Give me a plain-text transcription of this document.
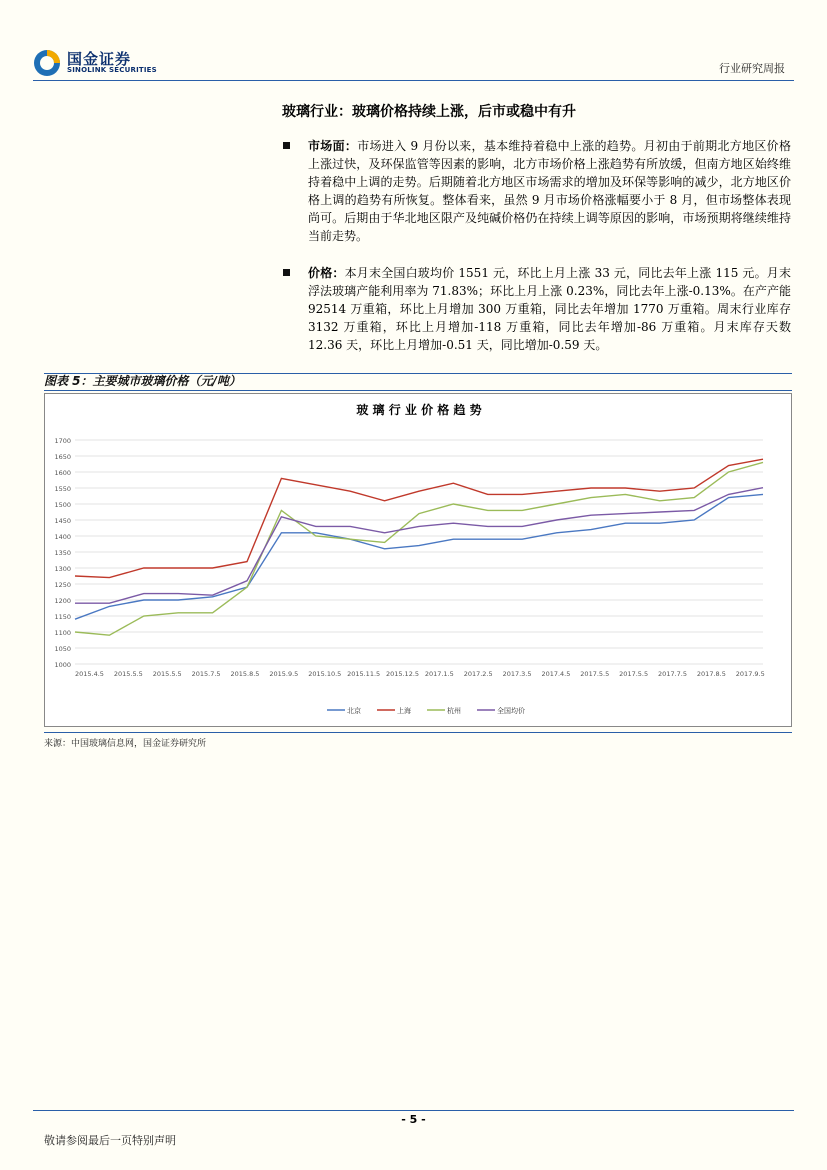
国金证券
SINOLINK SECURITIES	行业研究周报
玻璃行业：玻璃价格持续上涨，后市或稳中有升
市场面：市场进入 9 月份以来，基本维持着稳中上涨的趋势。月初由于前期北方地区价格上涨过快，及环保监管等因素的影响，北方市场价格上涨趋势有所放缓，但南方地区始终维持着稳中上调的走势。后期随着北方地区市场需求的增加及环保等影响的减少，北方地区价格上调的趋势有所恢复。整体看来，虽然 9 月市场价格涨幅要小于 8 月，但市场整体表现尚可。后期由于华北地区限产及纯碱价格仍在持续上调等原因的影响，市场预期将继续维持当前走势。
价格：本月末全国白玻均价 1551 元，环比上月上涨 33 元，同比去年上涨 115 元。月末浮法玻璃产能利用率为 71.83%；环比上月上涨 0.23%，同比去年上涨-0.13%。在产产能 92514 万重箱，环比上月增加 300 万重箱，同比去年增加 1770 万重箱。周末行业库存 3132 万重箱，环比上月增加-118 万重箱，同比去年增加-86 万重箱。月末库存天数 12.36 天，环比上月增加-0.51 天，同比增加-0.59 天。
图表 5：主要城市玻璃价格（元/吨）
玻 璃 行 业 价 格 趋 势
1000
1050
1100
1150
1200
1250
1300
1350
1400
1450
1500
1550
1600
1650
1700
2015.4.5 2015.5.5 2015.5.5 2015.7.5 2015.8.5 2015.9.5 2015.10.5 2015.11.5 2015.12.5 2017.1.5 2017.2.5 2017.3.5 2017.4.5 2017.5.5 2017.5.5 2017.7.5 2017.8.5 2017.9.5
北京	上海	杭州	全国均价
来源：中国玻璃信息网，国金证券研究所
- 5 -
敬请参阅最后一页特别声明
